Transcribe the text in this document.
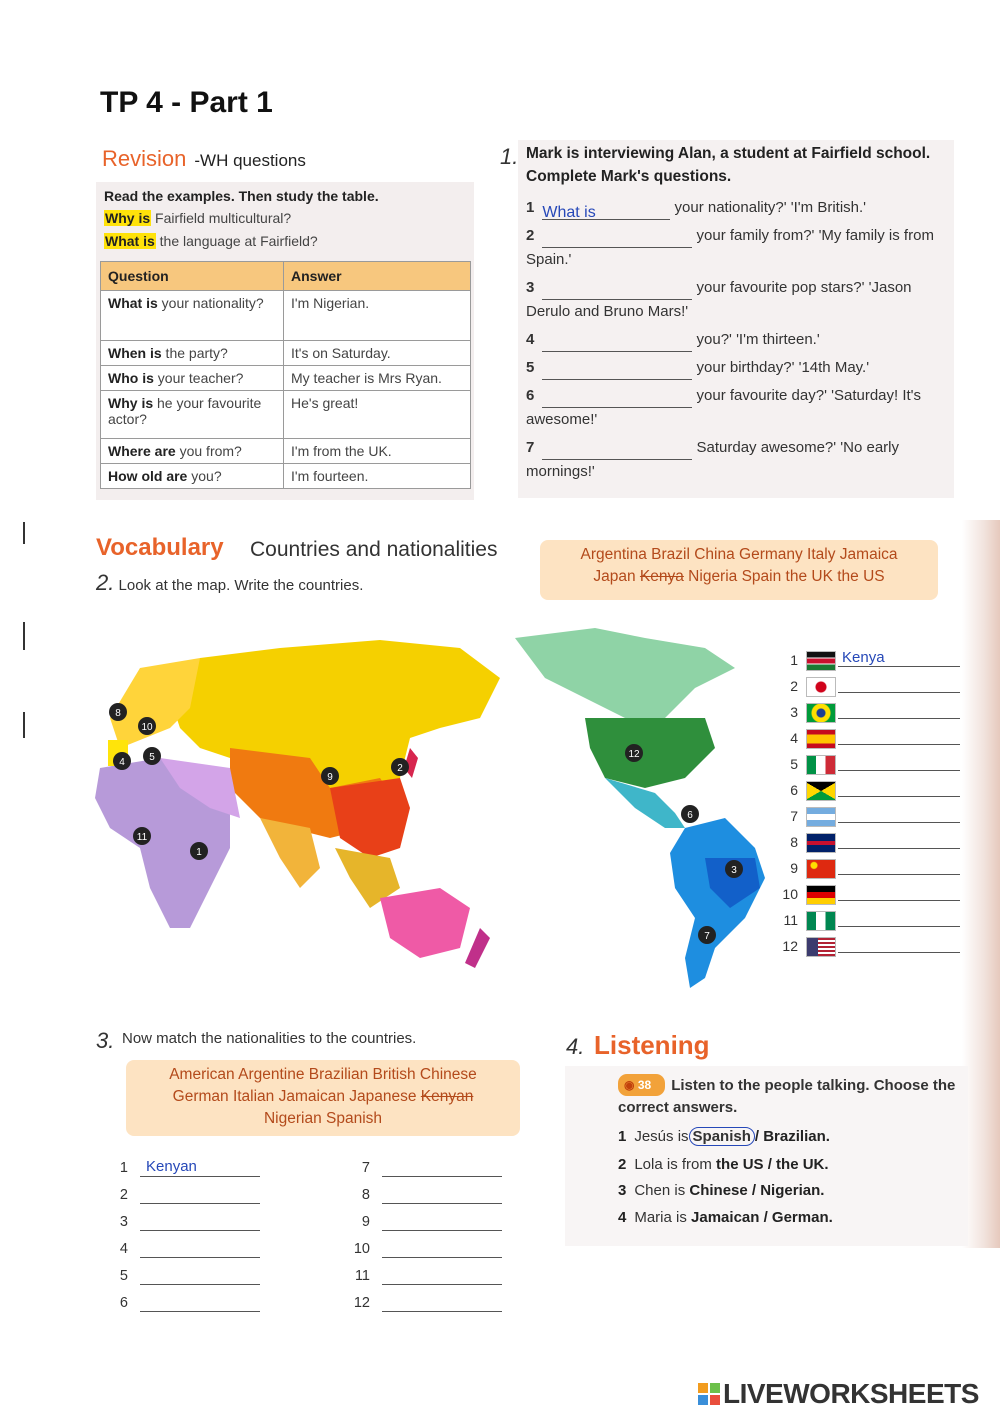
TP 4 - Part 1
Revision -WH questions
Read the examples. Then study the table.
Why is Fairfield multicultural?
What is the language at Fairfield?
Question	Answer
What is your nationality?	I'm Nigerian.
When is the party?	It's on Saturday.
Who is your teacher?	My teacher is Mrs Ryan.
Why is he your favourite actor?	He's great!
Where are you from?	I'm from the UK.
How old are you?	I'm fourteen.
1. Mark is interviewing Alan, a student at Fairfield school. Complete Mark's questions.
1 What is	your nationality?' 'I'm British.'
2	your family from?' 'My family is from Spain.'
3	your favourite pop stars?' 'Jason Derulo and Bruno Mars!'
4	you?' 'I'm thirteen.'
5	your birthday?' '14th May.'
6	your favourite day?' 'Saturday! It's awesome!'
7	Saturday awesome?' 'No early mornings!'
Vocabulary Countries and nationalities
2. Look at the map. Write the countries.
Argentina Brazil China Germany Italy Jamaica
Japan Kenya Nigeria Spain the UK the US
8
10
4 5
11
1
9
2
12
6
3
7
1	Kenya
2
3
4
5
6
7
8
9
10
11
12
3. Now match the nationalities to the countries.
American Argentine Brazilian British Chinese
German Italian Jamaican Japanese Kenyan
Nigerian Spanish
1 Kenyan
2
3
4
5
6
7
8
9
10
11
12
4. Listening
◉ 38 Listen to the people talking. Choose the correct answers.
1 Jesús is Spanish / Brazilian.
2 Lola is from the US / the UK.
3 Chen is Chinese / Nigerian.
4 Maria is Jamaican / German.
LIVEWORKSHEETS
